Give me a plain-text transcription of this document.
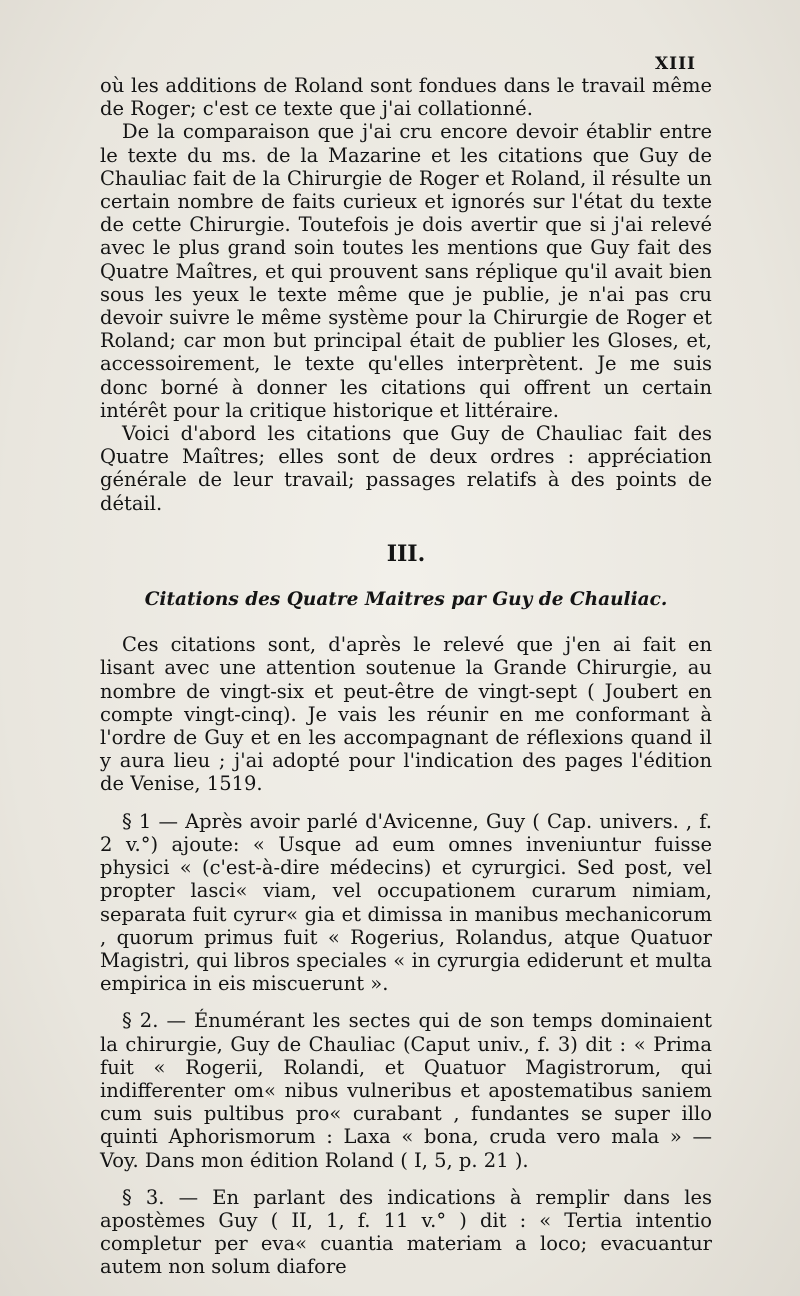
XIII

où les additions de Roland sont fondues dans le travail même de Roger; c'est ce texte que j'ai collationné.

De la comparaison que j'ai cru encore devoir établir entre le texte du ms. de la Mazarine et les citations que Guy de Chauliac fait de la Chirurgie de Roger et Roland, il résulte un certain nombre de faits curieux et ignorés sur l'état du texte de cette Chirurgie. Toutefois je dois avertir que si j'ai relevé avec le plus grand soin toutes les mentions que Guy fait des Quatre Maîtres, et qui prouvent sans réplique qu'il avait bien sous les yeux le texte même que je publie, je n'ai pas cru devoir suivre le même système pour la Chirurgie de Roger et Roland; car mon but principal était de publier les Gloses, et, accessoirement, le texte qu'elles interprètent. Je me suis donc borné à donner les citations qui offrent un certain intérêt pour la critique historique et littéraire.

Voici d'abord les citations que Guy de Chauliac fait des Quatre Maîtres; elles sont de deux ordres : appréciation générale de leur travail; passages relatifs à des points de détail.

III.

Citations des Quatre Maitres par Guy de Chauliac.

Ces citations sont, d'après le relevé que j'en ai fait en lisant avec une attention soutenue la Grande Chirurgie, au nombre de vingt-six et peut-être de vingt-sept ( Joubert en compte vingt-cinq). Je vais les réunir en me conformant à l'ordre de Guy et en les accompagnant de réflexions quand il y aura lieu ; j'ai adopté pour l'indication des pages l'édition de Venise, 1519.

§ 1 — Après avoir parlé d'Avicenne, Guy ( Cap. univers. , f. 2 v.°) ajoute: « Usque ad eum omnes inveniuntur fuisse physici « (c'est-à-dire médecins) et cyrurgici. Sed post, vel propter lasci« viam, vel occupationem curarum nimiam, separata fuit cyrur« gia et dimissa in manibus mechanicorum , quorum primus fuit « Rogerius, Rolandus, atque Quatuor Magistri, qui libros speciales « in cyrurgia ediderunt et multa empirica in eis miscuerunt ».

§ 2. — Énumérant les sectes qui de son temps dominaient la chirurgie, Guy de Chauliac (Caput univ., f. 3) dit : « Prima fuit « Rogerii, Rolandi, et Quatuor Magistrorum, qui indifferenter om« nibus vulneribus et apostematibus saniem cum suis pultibus pro« curabant , fundantes se super illo quinti Aphorismorum : Laxa « bona, cruda vero mala » — Voy. Dans mon édition Roland ( I, 5, p. 21 ).

§ 3. — En parlant des indications à remplir dans les apostèmes Guy ( II, 1, f. 11 v.° ) dit : « Tertia intentio completur per eva« cuantia materiam a loco; evacuantur autem non solum diafore
